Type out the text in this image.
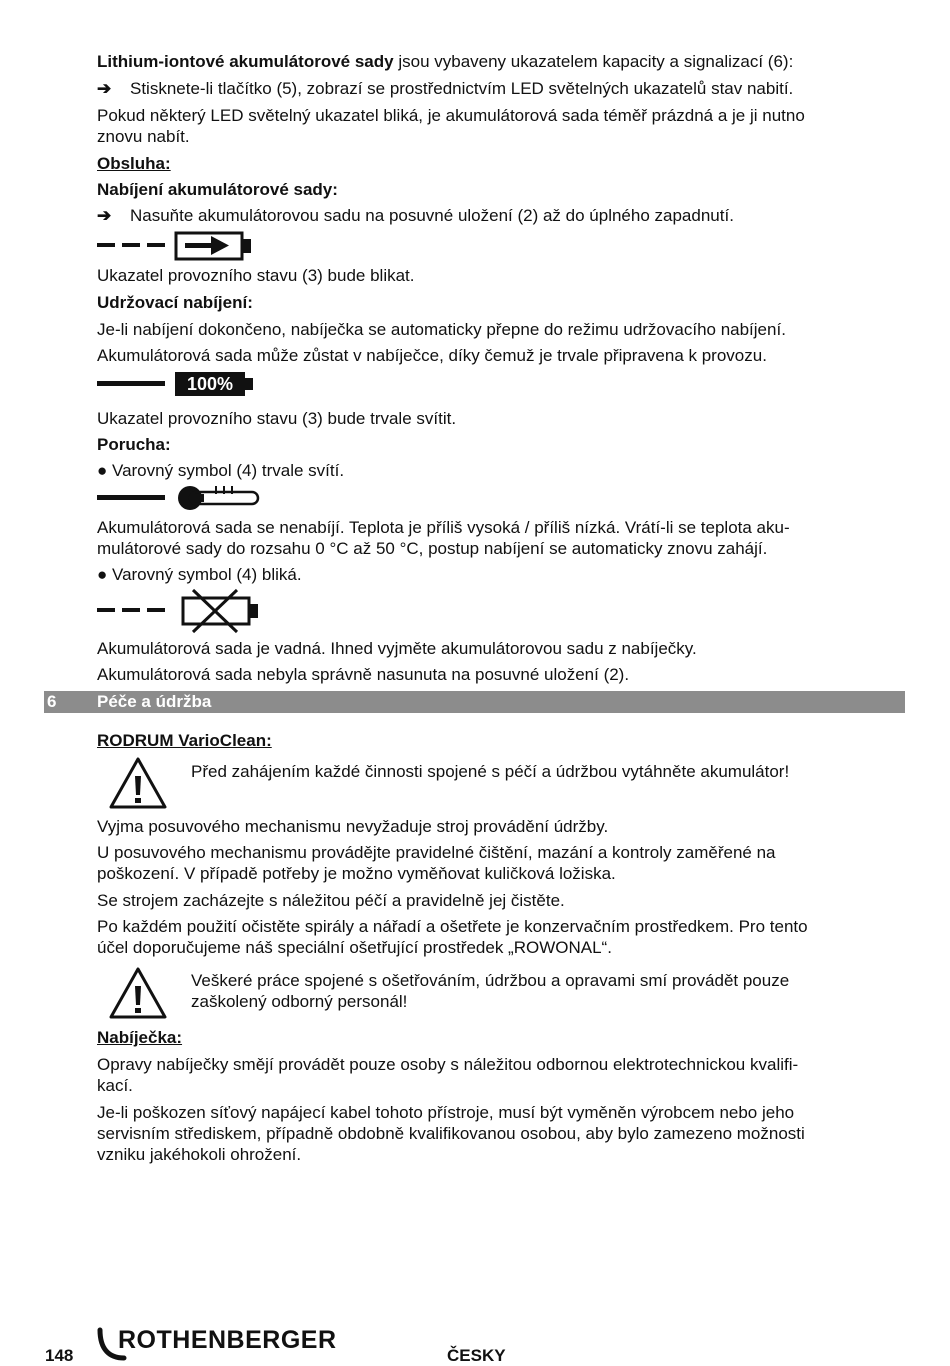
Lithium-iontové akumulátorové sady jsou vybaveny ukazatelem kapacity a signalizací (6):
➔ Stisknete-li tlačítko (5), zobrazí se prostřednictvím LED světelných ukazatelů stav nabití.
Pokud některý LED světelný ukazatel bliká, je akumulátorová sada téměř prázdná a je ji nutno
znovu nabít.
Obsluha:
Nabíjení akumulátorové sady:
➔ Nasuňte akumulátorovou sadu na posuvné uložení (2) až do úplného zapadnutí.
Ukazatel provozního stavu (3) bude blikat.
Udržovací nabíjení:
Je-li nabíjení dokončeno, nabíječka se automaticky přepne do režimu udržovacího nabíjení.
Akumulátorová sada může zůstat v nabíječce, díky čemuž je trvale připravena k provozu.
100%
Ukazatel provozního stavu (3) bude trvale svítit.
Porucha:
● Varovný symbol (4) trvale svítí.
Akumulátorová sada se nenabíjí. Teplota je příliš vysoká / příliš nízká. Vrátí-li se teplota aku-
mulátorové sady do rozsahu 0 °C až 50 °C, postup nabíjení se automaticky znovu zahájí.
● Varovný symbol (4) bliká.
Akumulátorová sada je vadná. Ihned vyjměte akumulátorovou sadu z nabíječky.
Akumulátorová sada nebyla správně nasunuta na posuvné uložení (2).
6 Péče a údržba
RODRUM VarioClean:
Před zahájením každé činnosti spojené s péčí a údržbou vytáhněte akumulátor!
Vyjma posuvového mechanismu nevyžaduje stroj provádění údržby.
U posuvového mechanismu provádějte pravidelné čištění, mazání a kontroly zaměřené na
poškození. V případě potřeby je možno vyměňovat kuličková ložiska.
Se strojem zacházejte s náležitou péčí a pravidelně jej čistěte.
Po každém použití očistěte spirály a nářadí a ošetřete je konzervačním prostředkem. Pro tento
účel doporučujeme náš speciální ošetřující prostředek „ROWONAL“.
Veškeré práce spojené s ošetřováním, údržbou a opravami smí provádět pouze
zaškolený odborný personál!
Nabíječka:
Opravy nabíječky smějí provádět pouze osoby s náležitou odbornou elektrotechnickou kvalifi-
kací.
Je-li poškozen síťový napájecí kabel tohoto přístroje, musí být vyměněn výrobcem nebo jeho
servisním střediskem, případně obdobně kvalifikovanou osobou, aby bylo zamezeno možnosti
vzniku jakéhokoli ohrožení.
148
ROTHENBERGER
ČESKY
